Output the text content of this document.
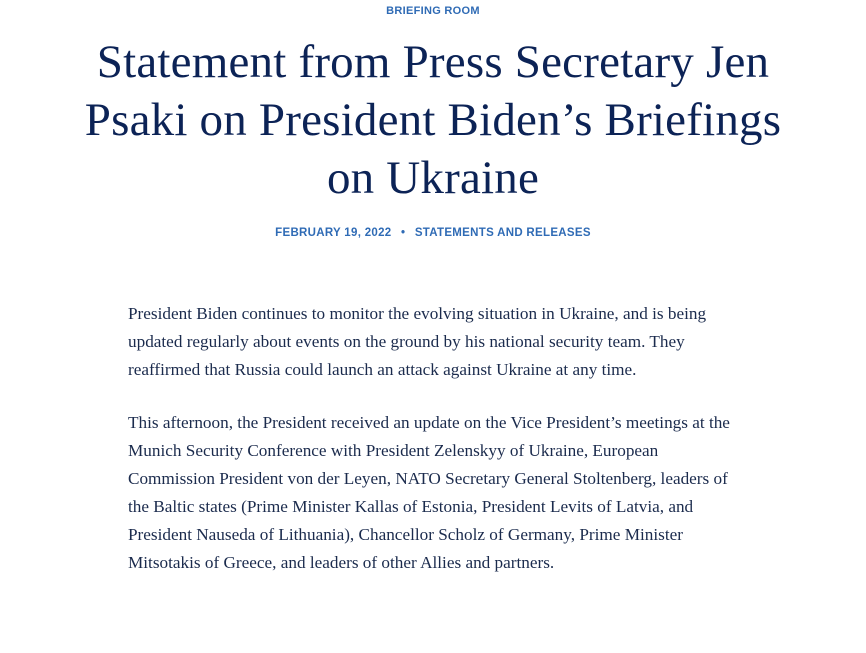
BRIEFING ROOM
Statement from Press Secretary Jen Psaki on President Biden’s Briefings on Ukraine
FEBRUARY 19, 2022 • STATEMENTS AND RELEASES

President Biden continues to monitor the evolving situation in Ukraine, and is being updated regularly about events on the ground by his national security team. They reaffirmed that Russia could launch an attack against Ukraine at any time.

This afternoon, the President received an update on the Vice President’s meetings at the Munich Security Conference with President Zelenskyy of Ukraine, European Commission President von der Leyen, NATO Secretary General Stoltenberg, leaders of the Baltic states (Prime Minister Kallas of Estonia, President Levits of Latvia, and President Nauseda of Lithuania), Chancellor Scholz of Germany, Prime Minister Mitsotakis of Greece, and leaders of other Allies and partners.
